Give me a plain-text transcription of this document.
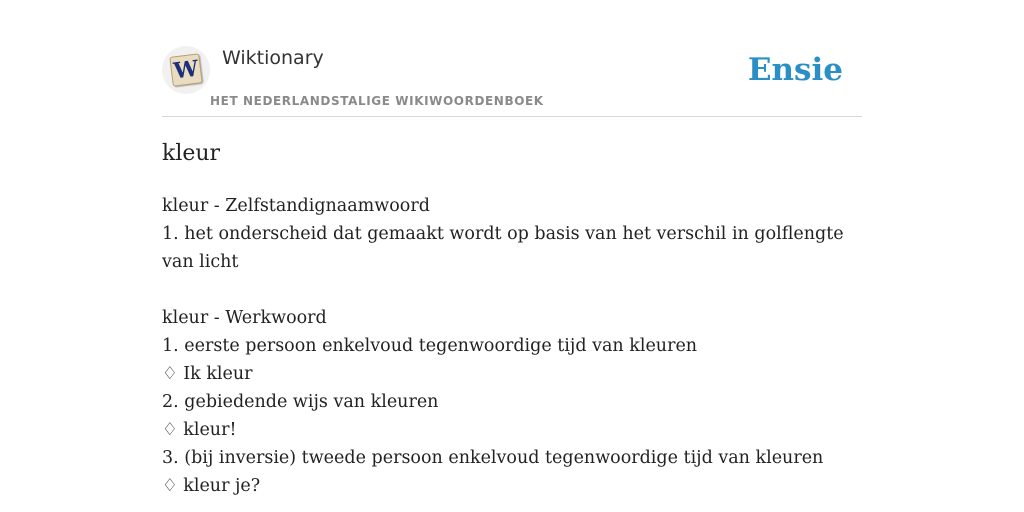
W Wiktionary
HET NEDERLANDSTALIGE WIKIWOORDENBOEK
Ensie
kleur
kleur - Zelfstandignaamwoord
1. het onderscheid dat gemaakt wordt op basis van het verschil in golflengte van licht
kleur - Werkwoord
1. eerste persoon enkelvoud tegenwoordige tijd van kleuren
♢ Ik kleur
2. gebiedende wijs van kleuren
♢ kleur!
3. (bij inversie) tweede persoon enkelvoud tegenwoordige tijd van kleuren
♢ kleur je?
